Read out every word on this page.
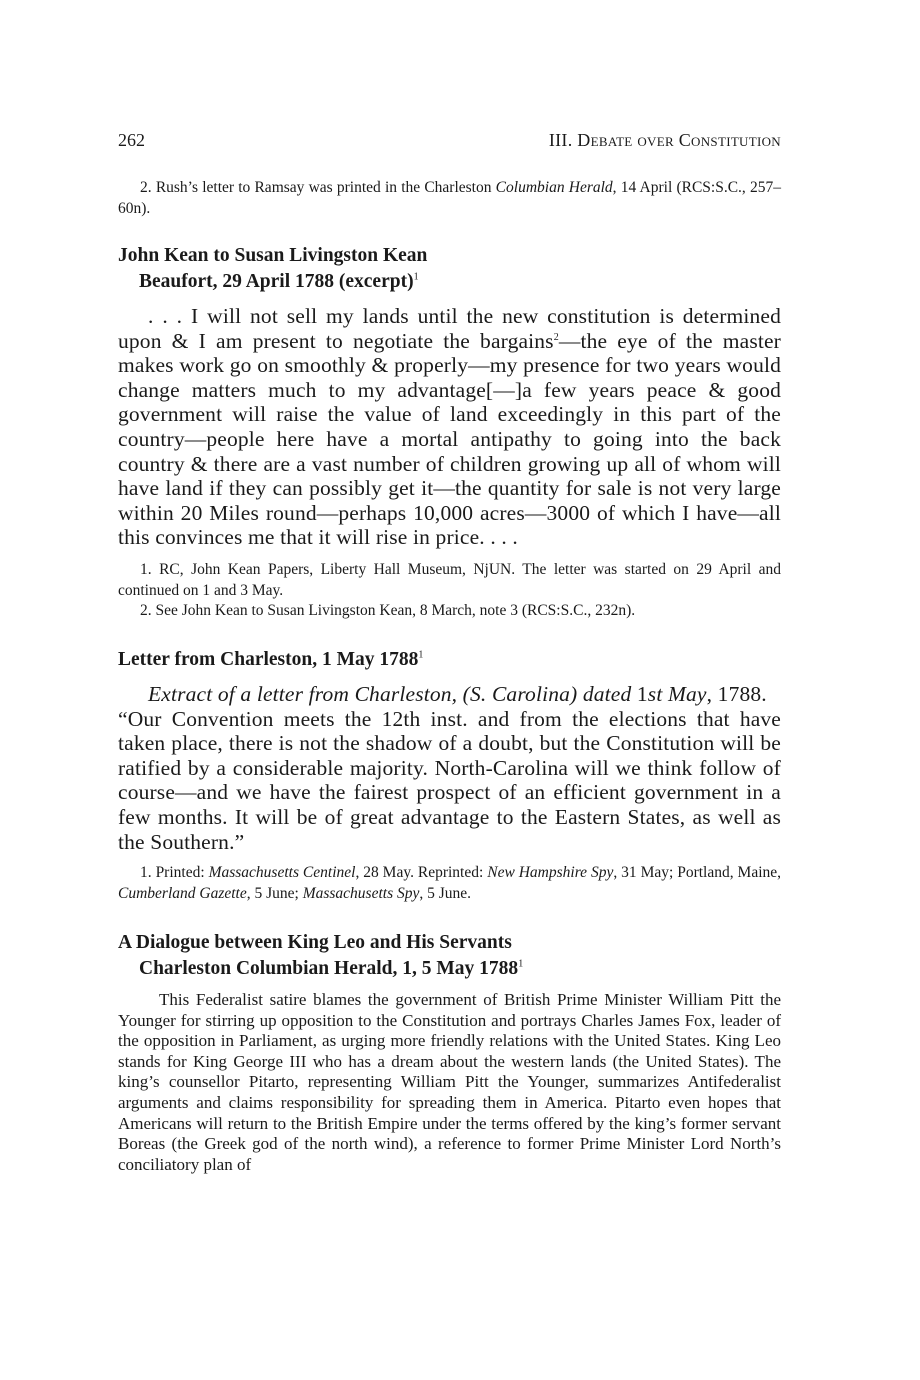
262	III. Debate over Constitution

2. Rush’s letter to Ramsay was printed in the Charleston Columbian Herald, 14 April (RCS:S.C., 257–60n).

John Kean to Susan Livingston Kean
Beaufort, 29 April 1788 (excerpt)$^1$

. . . I will not sell my lands until the new constitution is determined upon & I am present to negotiate the bargains$^2$—the eye of the master makes work go on smoothly & properly—my presence for two years would change matters much to my advantage[—]a few years peace & good government will raise the value of land exceedingly in this part of the country—people here have a mortal antipathy to going into the back country & there are a vast number of children growing up all of whom will have land if they can possibly get it—the quantity for sale is not very large within 20 Miles round—perhaps 10,000 acres—3000 of which I have—all this convinces me that it will rise in price. . . .

1. RC, John Kean Papers, Liberty Hall Museum, NjUN. The letter was started on 29 April and continued on 1 and 3 May.

2. See John Kean to Susan Livingston Kean, 8 March, note 3 (RCS:S.C., 232n).

Letter from Charleston, 1 May 1788$^1$

Extract of a letter from Charleston, (S. Carolina) dated 1st May, 1788.

“Our Convention meets the 12th inst. and from the elections that have taken place, there is not the shadow of a doubt, but the Constitution will be ratified by a considerable majority. North-Carolina will we think follow of course—and we have the fairest prospect of an efficient government in a few months. It will be of great advantage to the Eastern States, as well as the Southern.”

1. Printed: Massachusetts Centinel, 28 May. Reprinted: New Hampshire Spy, 31 May; Portland, Maine, Cumberland Gazette, 5 June; Massachusetts Spy, 5 June.

A Dialogue between King Leo and His Servants
Charleston Columbian Herald, 1, 5 May 1788$^1$

This Federalist satire blames the government of British Prime Minister William Pitt the Younger for stirring up opposition to the Constitution and portrays Charles James Fox, leader of the opposition in Parliament, as urging more friendly relations with the United States. King Leo stands for King George III who has a dream about the western lands (the United States). The king’s counsellor Pitarto, representing William Pitt the Younger, summarizes Antifederalist arguments and claims responsibility for spreading them in America. Pitarto even hopes that Americans will return to the British Empire under the terms offered by the king’s former servant Boreas (the Greek god of the north wind), a reference to former Prime Minister Lord North’s conciliatory plan of
